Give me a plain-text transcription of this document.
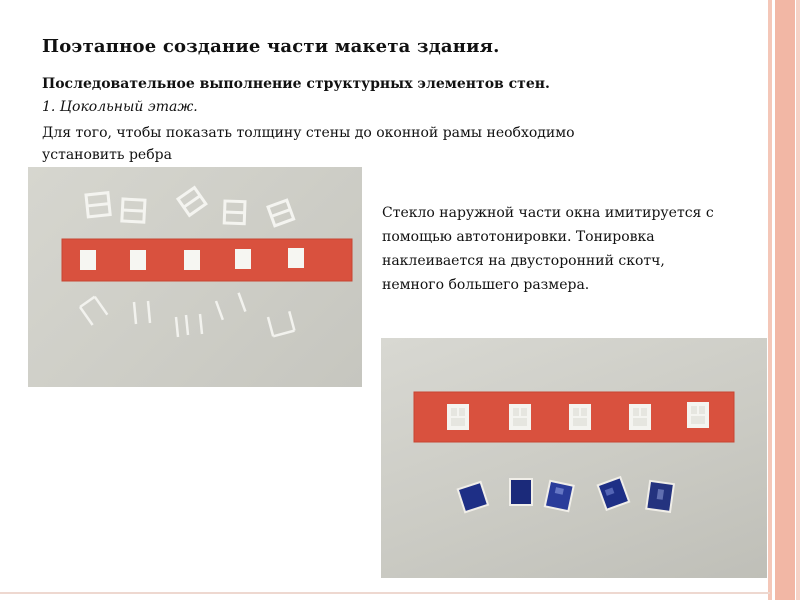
Поэтапное создание части макета здания.

Последовательное выполнение структурных элементов стен.

1. Цокольный этаж.

Для того, чтобы показать толщину стены до оконной рамы необходимо
установить ребра
Стекло наружной части окна имитируется с
помощью автотонировки. Тонировка
наклеивается на двусторонний скотч,
немного большего размера.
